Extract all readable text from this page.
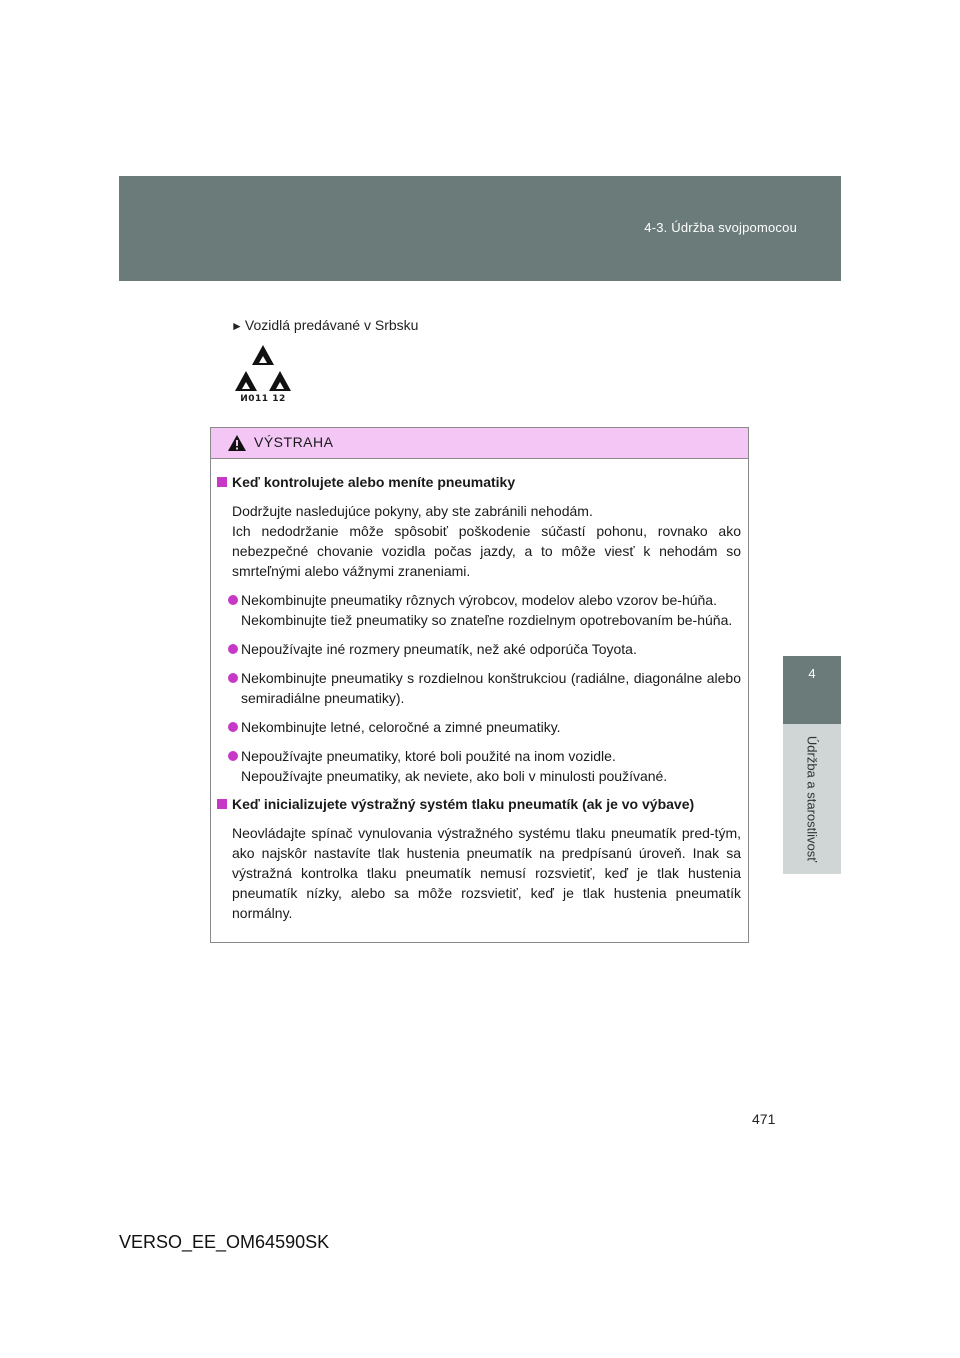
4-3. Údržba svojpomocou
4
Údržba a starostlivosť
► Vozidlá predávané v Srbsku
И011 12
VÝSTRAHA
Keď kontrolujete alebo meníte pneumatiky
Dodržujte nasledujúce pokyny, aby ste zabránili nehodám.
Ich nedodržanie môže spôsobiť poškodenie súčastí pohonu, rovnako ako nebezpečné chovanie vozidla počas jazdy, a to môže viesť k nehodám so smrteľnými alebo vážnymi zraneniami.
Nekombinujte pneumatiky rôznych výrobcov, modelov alebo vzorov be-húňa.
Nekombinujte tiež pneumatiky so znateľne rozdielnym opotrebovaním be-húňa.
Nepoužívajte iné rozmery pneumatík, než aké odporúča Toyota.
Nekombinujte pneumatiky s rozdielnou konštrukciou (radiálne, diagonálne alebo semiradiálne pneumatiky).
Nekombinujte letné, celoročné a zimné pneumatiky.
Nepoužívajte pneumatiky, ktoré boli použité na inom vozidle.
Nepoužívajte pneumatiky, ak neviete, ako boli v minulosti používané.
Keď inicializujete výstražný systém tlaku pneumatík (ak je vo výbave)
Neovládajte spínač vynulovania výstražného systému tlaku pneumatík pred-tým, ako najskôr nastavíte tlak hustenia pneumatík na predpísanú úroveň. Inak sa výstražná kontrolka tlaku pneumatík nemusí rozsvietiť, keď je tlak hustenia pneumatík nízky, alebo sa môže rozsvietiť, keď je tlak hustenia pneumatík normálny.
471
VERSO_EE_OM64590SK
